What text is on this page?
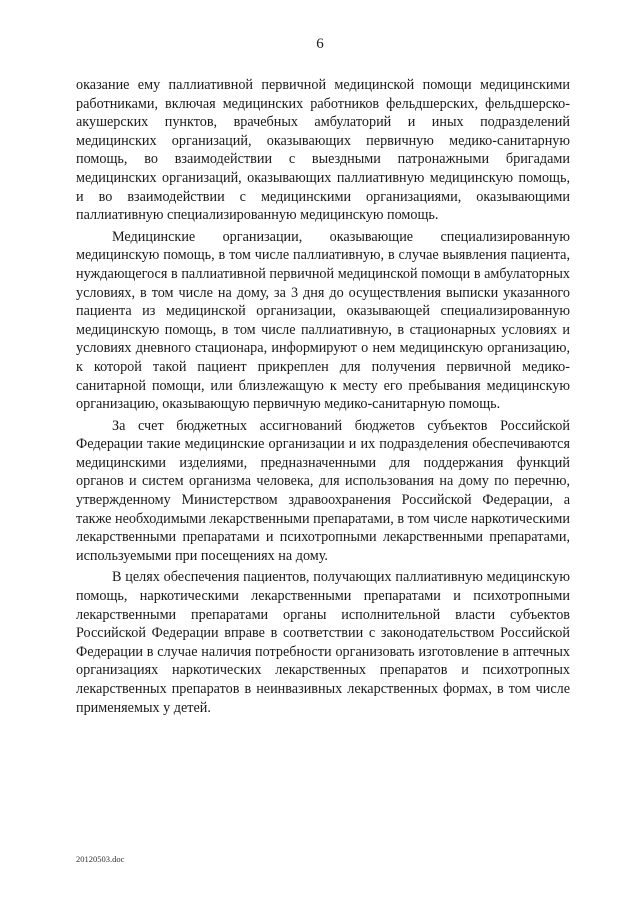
6

оказание ему паллиативной первичной медицинской помощи медицинскими работниками, включая медицинских работников фельдшерских, фельдшерско-акушерских пунктов, врачебных амбулаторий и иных подразделений медицинских организаций, оказывающих первичную медико-санитарную помощь, во взаимодействии с выездными патронажными бригадами медицинских организаций, оказывающих паллиативную медицинскую помощь, и во взаимодействии с медицинскими организациями, оказывающими паллиативную специализированную медицинскую помощь.

Медицинские организации, оказывающие специализированную медицинскую помощь, в том числе паллиативную, в случае выявления пациента, нуждающегося в паллиативной первичной медицинской помощи в амбулаторных условиях, в том числе на дому, за 3 дня до осуществления выписки указанного пациента из медицинской организации, оказывающей специализированную медицинскую помощь, в том числе паллиативную, в стационарных условиях и условиях дневного стационара, информируют о нем медицинскую организацию, к которой такой пациент прикреплен для получения первичной медико-санитарной помощи, или близлежащую к месту его пребывания медицинскую организацию, оказывающую первичную медико-санитарную помощь.

За счет бюджетных ассигнований бюджетов субъектов Российской Федерации такие медицинские организации и их подразделения обеспечиваются медицинскими изделиями, предназначенными для поддержания функций органов и систем организма человека, для использования на дому по перечню, утвержденному Министерством здравоохранения Российской Федерации, а также необходимыми лекарственными препаратами, в том числе наркотическими лекарственными препаратами и психотропными лекарственными препаратами, используемыми при посещениях на дому.

В целях обеспечения пациентов, получающих паллиативную медицинскую помощь, наркотическими лекарственными препаратами и психотропными лекарственными препаратами органы исполнительной власти субъектов Российской Федерации вправе в соответствии с законодательством Российской Федерации в случае наличия потребности организовать изготовление в аптечных организациях наркотических лекарственных препаратов и психотропных лекарственных препаратов в неинвазивных лекарственных формах, в том числе применяемых у детей.

20120503.doc
